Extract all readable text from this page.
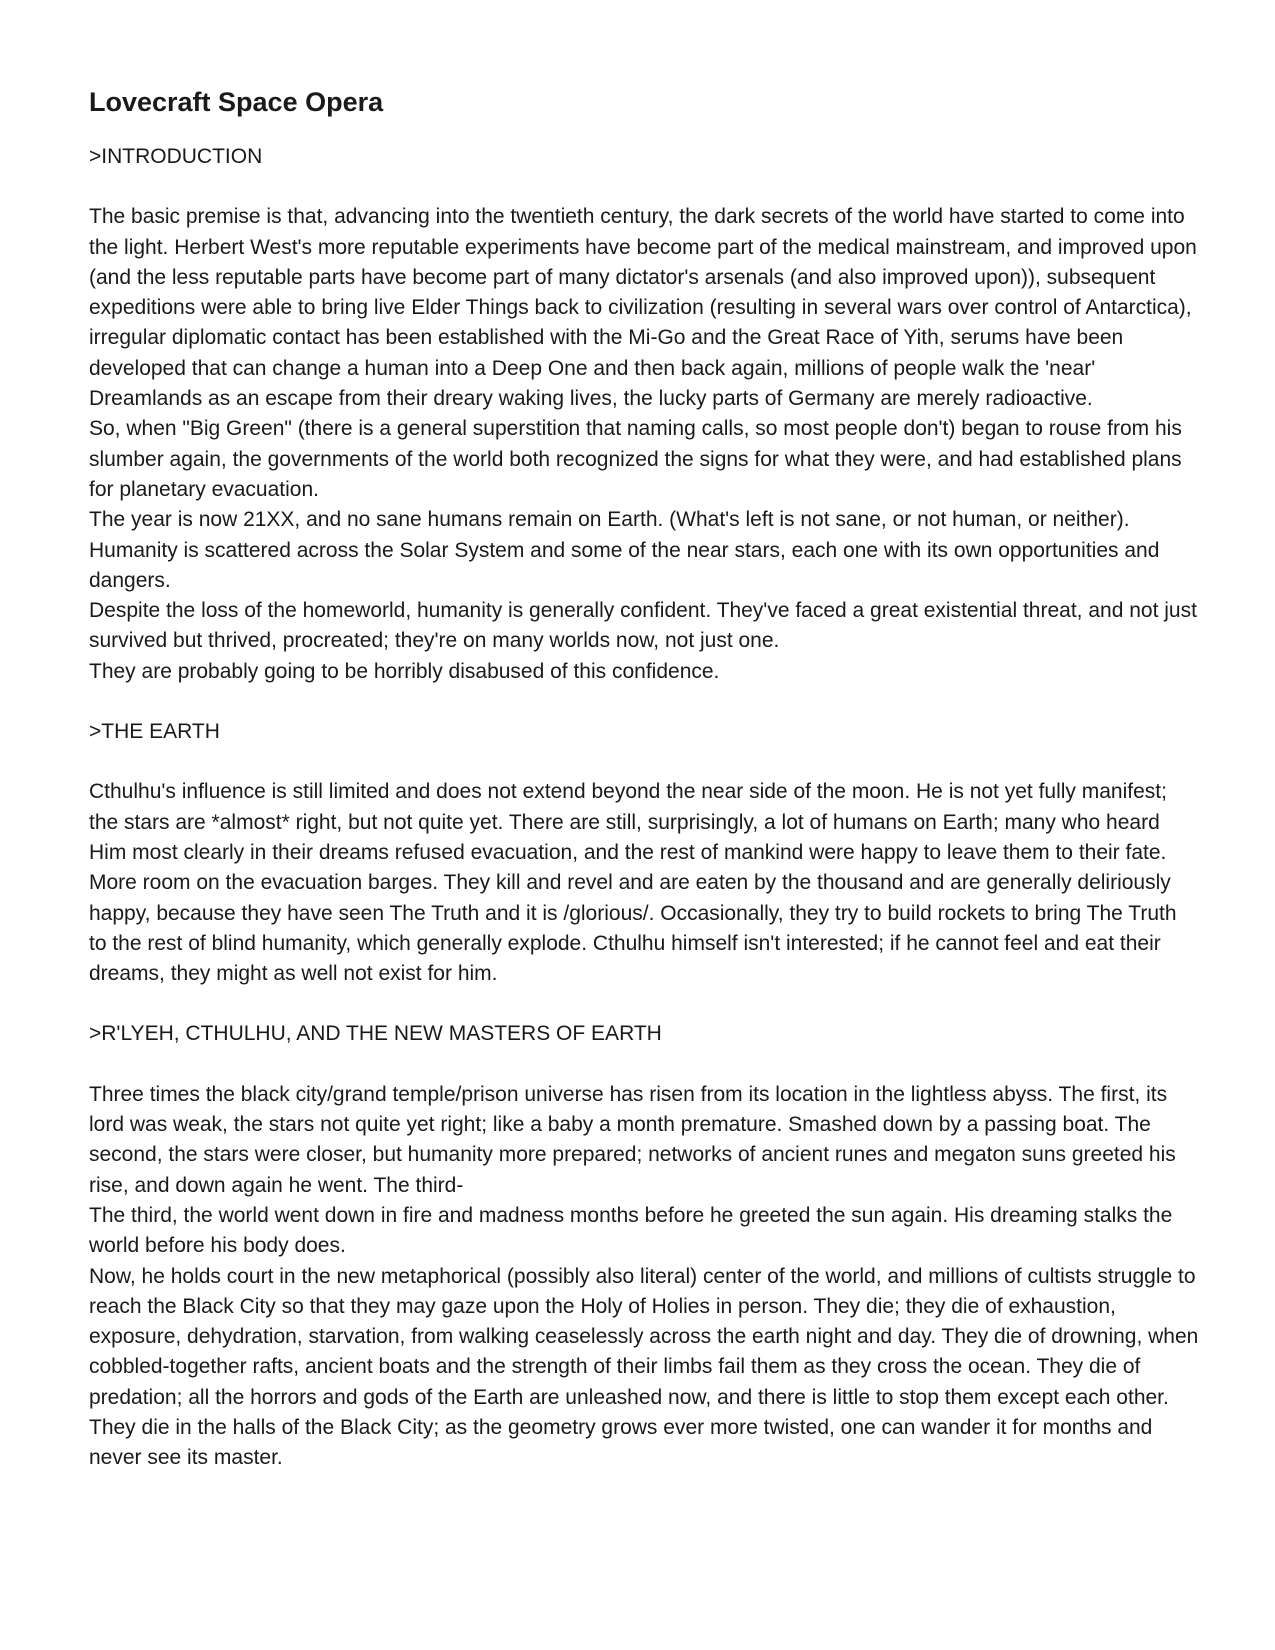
Lovecraft Space Opera
>INTRODUCTION

The basic premise is that, advancing into the twentieth century, the dark secrets of the world have started to come into the light. Herbert West's more reputable experiments have become part of the medical mainstream, and improved upon (and the less reputable parts have become part of many dictator's arsenals (and also improved upon)), subsequent expeditions were able to bring live Elder Things back to civilization (resulting in several wars over control of Antarctica), irregular diplomatic contact has been established with the Mi-Go and the Great Race of Yith, serums have been developed that can change a human into a Deep One and then back again, millions of people walk the 'near' Dreamlands as an escape from their dreary waking lives, the lucky parts of Germany are merely radioactive.

So, when "Big Green" (there is a general superstition that naming calls, so most people don't) began to rouse from his slumber again, the governments of the world both recognized the signs for what they were, and had established plans for planetary evacuation.

The year is now 21XX, and no sane humans remain on Earth. (What's left is not sane, or not human, or neither). Humanity is scattered across the Solar System and some of the near stars, each one with its own opportunities and dangers.

Despite the loss of the homeworld, humanity is generally confident. They've faced a great existential threat, and not just survived but thrived, procreated; they're on many worlds now, not just one.

They are probably going to be horribly disabused of this confidence.

>THE EARTH

Cthulhu's influence is still limited and does not extend beyond the near side of the moon. He is not yet fully manifest; the stars are *almost* right, but not quite yet. There are still, surprisingly, a lot of humans on Earth; many who heard Him most clearly in their dreams refused evacuation, and the rest of mankind were happy to leave them to their fate. More room on the evacuation barges. They kill and revel and are eaten by the thousand and are generally deliriously happy, because they have seen The Truth and it is /glorious/. Occasionally, they try to build rockets to bring The Truth to the rest of blind humanity, which generally explode. Cthulhu himself isn't interested; if he cannot feel and eat their dreams, they might as well not exist for him.

>R'LYEH, CTHULHU, AND THE NEW MASTERS OF EARTH

Three times the black city/grand temple/prison universe has risen from its location in the lightless abyss. The first, its lord was weak, the stars not quite yet right; like a baby a month premature. Smashed down by a passing boat. The second, the stars were closer, but humanity more prepared; networks of ancient runes and megaton suns greeted his rise, and down again he went. The third-

The third, the world went down in fire and madness months before he greeted the sun again. His dreaming stalks the world before his body does.

Now, he holds court in the new metaphorical (possibly also literal) center of the world, and millions of cultists struggle to reach the Black City so that they may gaze upon the Holy of Holies in person. They die; they die of exhaustion, exposure, dehydration, starvation, from walking ceaselessly across the earth night and day. They die of drowning, when cobbled-together rafts, ancient boats and the strength of their limbs fail them as they cross the ocean. They die of predation; all the horrors and gods of the Earth are unleashed now, and there is little to stop them except each other. They die in the halls of the Black City; as the geometry grows ever more twisted, one can wander it for months and never see its master.
